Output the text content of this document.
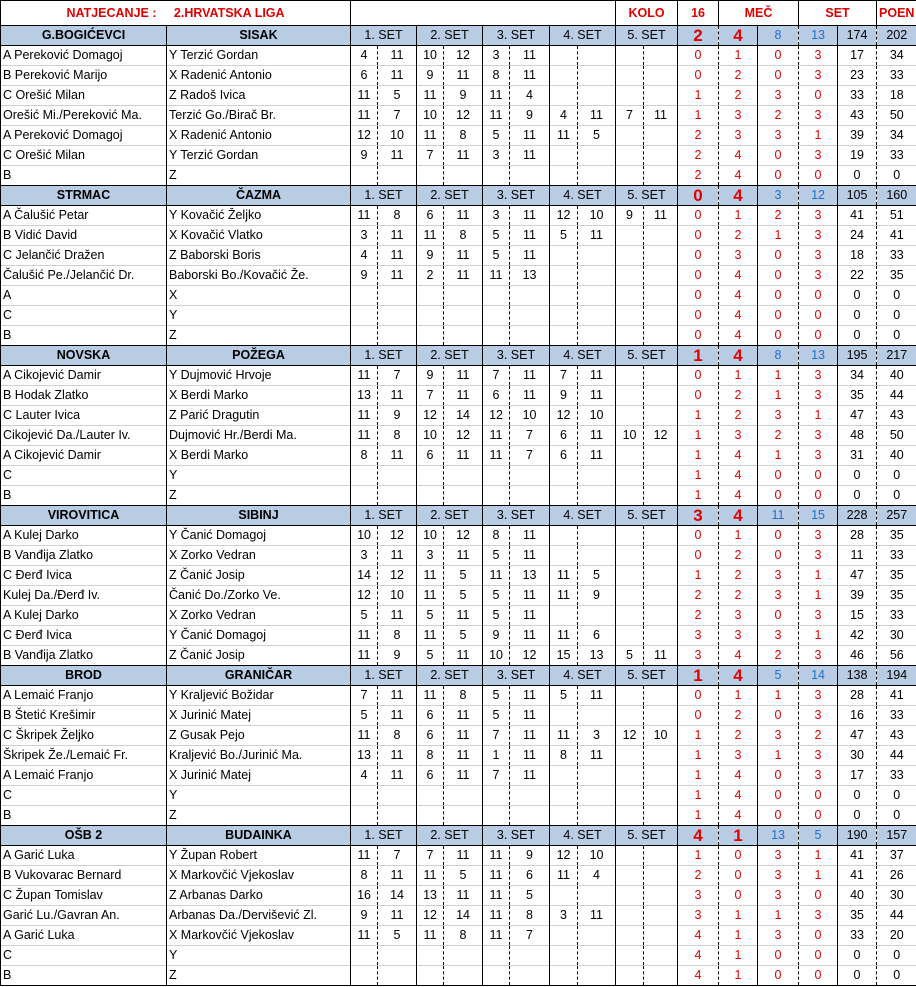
NATJECANJE : 2.HRVATSKA LIGA										KOLO		16	MEČ		SET		POEN
G.BOGIĆEVCI	SISAK	1. SET		2. SET		3. SET		4. SET		5. SET		2	4	8	13	174	202
A Pereković Domagoj	Y Terzić Gordan	4	11	10	12	3	11					0	1	0	3	17	34
B Pereković Marijo	X Radenić Antonio	6	11	9	11	8	11					0	2	0	3	23	33
C Orešić Milan	Z Radoš Ivica	11	5	11	9	11	4					1	2	3	0	33	18
Orešić Mi./Pereković Ma.	Terzić Go./Birač Br.	11	7	10	12	11	9	4	11	7	11	1	3	2	3	43	50
A Pereković Domagoj	X Radenić Antonio	12	10	11	8	5	11	11	5			2	3	3	1	39	34
C Orešić Milan	Y Terzić Gordan	9	11	7	11	3	11					2	4	0	3	19	33
B	Z											2	4	0	0	0	0
STRMAC	ČAZMA	1. SET		2. SET		3. SET		4. SET		5. SET		0	4	3	12	105	160
A Čalušić Petar	Y Kovačić Željko	11	8	6	11	3	11	12	10	9	11	0	1	2	3	41	51
B Vidić David	X Kovačić Vlatko	3	11	11	8	5	11	5	11			0	2	1	3	24	41
C Jelančić Dražen	Z Baborski Boris	4	11	9	11	5	11					0	3	0	3	18	33
Čalušić Pe./Jelančić Dr.	Baborski Bo./Kovačić Že.	9	11	2	11	11	13					0	4	0	3	22	35
A	X											0	4	0	0	0	0
C	Y											0	4	0	0	0	0
B	Z											0	4	0	0	0	0
NOVSKA	POŽEGA	1. SET		2. SET		3. SET		4. SET		5. SET		1	4	8	13	195	217
A Cikojević Damir	Y Dujmović Hrvoje	11	7	9	11	7	11	7	11			0	1	1	3	34	40
B Hodak Zlatko	X Berdi Marko	13	11	7	11	6	11	9	11			0	2	1	3	35	44
C Lauter Ivica	Z Parić Dragutin	11	9	12	14	12	10	12	10			1	2	3	1	47	43
Cikojević Da./Lauter Iv.	Dujmović Hr./Berdi Ma.	11	8	10	12	11	7	6	11	10	12	1	3	2	3	48	50
A Cikojević Damir	X Berdi Marko	8	11	6	11	11	7	6	11			1	4	1	3	31	40
C	Y											1	4	0	0	0	0
B	Z											1	4	0	0	0	0
VIROVITICA	SIBINJ	1. SET		2. SET		3. SET		4. SET		5. SET		3	4	11	15	228	257
A Kulej Darko	Y Čanić Domagoj	10	12	10	12	8	11					0	1	0	3	28	35
B Vanđija Zlatko	X Zorko Vedran	3	11	3	11	5	11					0	2	0	3	11	33
C Đerđ Ivica	Z Čanić Josip	14	12	11	5	11	13	11	5			1	2	3	1	47	35
Kulej Da./Đerđ Iv.	Čanić Do./Zorko Ve.	12	10	11	5	5	11	11	9			2	2	3	1	39	35
A Kulej Darko	X Zorko Vedran	5	11	5	11	5	11					2	3	0	3	15	33
C Đerđ Ivica	Y Čanić Domagoj	11	8	11	5	9	11	11	6			3	3	3	1	42	30
B Vanđija Zlatko	Z Čanić Josip	11	9	5	11	10	12	15	13	5	11	3	4	2	3	46	56
BROD	GRANIČAR	1. SET		2. SET		3. SET		4. SET		5. SET		1	4	5	14	138	194
A Lemaić Franjo	Y Kraljević Božidar	7	11	11	8	5	11	5	11			0	1	1	3	28	41
B Štetić Krešimir	X Jurinić Matej	5	11	6	11	5	11					0	2	0	3	16	33
C Škripek Željko	Z Gusak Pejo	11	8	6	11	7	11	11	3	12	10	1	2	3	2	47	43
Škripek Že./Lemaić Fr.	Kraljević Bo./Jurinić Ma.	13	11	8	11	1	11	8	11			1	3	1	3	30	44
A Lemaić Franjo	X Jurinić Matej	4	11	6	11	7	11					1	4	0	3	17	33
C	Y											1	4	0	0	0	0
B	Z											1	4	0	0	0	0
OŠB 2	BUDAINKA	1. SET		2. SET		3. SET		4. SET		5. SET		4	1	13	5	190	157
A Garić Luka	Y Župan Robert	11	7	7	11	11	9	12	10			1	0	3	1	41	37
B Vukovarac Bernard	X Markovčić Vjekoslav	8	11	11	5	11	6	11	4			2	0	3	1	41	26
C Župan Tomislav	Z Arbanas Darko	16	14	13	11	11	5					3	0	3	0	40	30
Garić Lu./Gavran An.	Arbanas Da./Dervišević Zl.	9	11	12	14	11	8	3	11			3	1	1	3	35	44
A Garić Luka	X Markovčić Vjekoslav	11	5	11	8	11	7					4	1	3	0	33	20
C	Y											4	1	0	0	0	0
B	Z											4	1	0	0	0	0
